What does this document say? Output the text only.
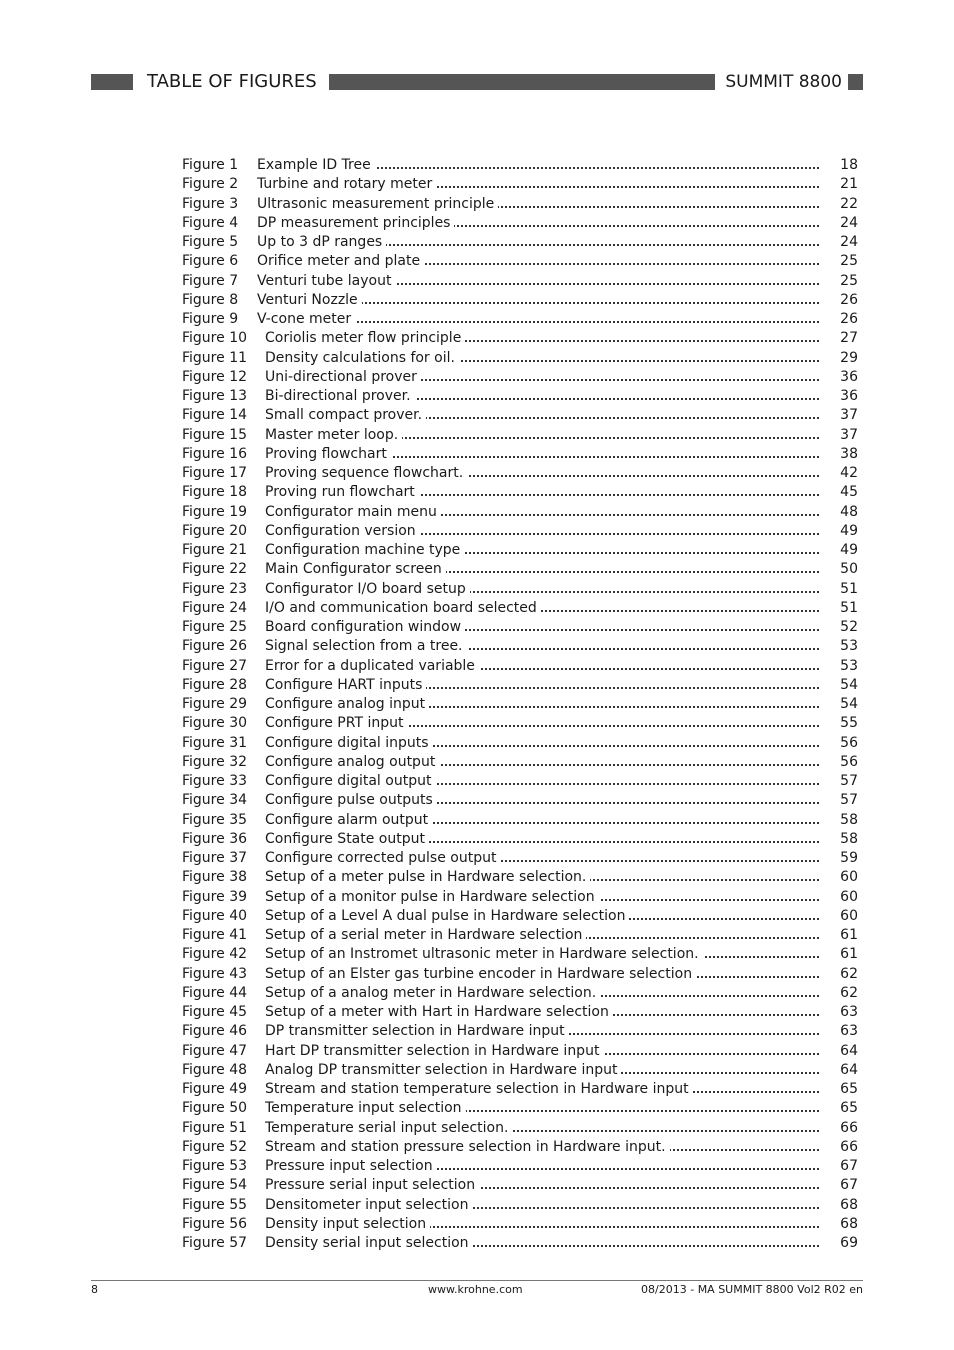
TABLE OF FIGURES	SUMMIT 8800
Figure 1 Example ID Tree	18
Figure 2 Turbine and rotary meter	21
Figure 3 Ultrasonic measurement principle	22
Figure 4 DP measurement principles	24
Figure 5 Up to 3 dP ranges	24
Figure 6 Orifice meter and plate	25
Figure 7 Venturi tube layout	25
Figure 8 Venturi Nozzle	26
Figure 9 V-cone meter	26
Figure 10 Coriolis meter flow principle	27
Figure 11 Density calculations for oil.	29
Figure 12 Uni-directional prover	36
Figure 13 Bi-directional prover.	36
Figure 14 Small compact prover.	37
Figure 15 Master meter loop.	37
Figure 16 Proving flowchart	38
Figure 17 Proving sequence flowchart.	42
Figure 18 Proving run flowchart	45
Figure 19 Configurator main menu	48
Figure 20 Configuration version	49
Figure 21 Configuration machine type	49
Figure 22 Main Configurator screen	50
Figure 23 Configurator I/O board setup	51
Figure 24 I/O and communication board selected	51
Figure 25 Board configuration window	52
Figure 26 Signal selection from a tree.	53
Figure 27 Error for a duplicated variable	53
Figure 28 Configure HART inputs	54
Figure 29 Configure analog input	54
Figure 30 Configure PRT input	55
Figure 31 Configure digital inputs	56
Figure 32 Configure analog output	56
Figure 33 Configure digital output	57
Figure 34 Configure pulse outputs	57
Figure 35 Configure alarm output	58
Figure 36 Configure State output	58
Figure 37 Configure corrected pulse output	59
Figure 38 Setup of a meter pulse in Hardware selection.	60
Figure 39 Setup of a monitor pulse in Hardware selection	60
Figure 40 Setup of a Level A dual pulse in Hardware selection	60
Figure 41 Setup of a serial meter in Hardware selection	61
Figure 42 Setup of an Instromet ultrasonic meter in Hardware selection.	61
Figure 43 Setup of an Elster gas turbine encoder in Hardware selection	62
Figure 44 Setup of a analog meter in Hardware selection.	62
Figure 45 Setup of a meter with Hart in Hardware selection	63
Figure 46 DP transmitter selection in Hardware input	63
Figure 47 Hart DP transmitter selection in Hardware input	64
Figure 48 Analog DP transmitter selection in Hardware input	64
Figure 49 Stream and station temperature selection in Hardware input	65
Figure 50 Temperature input selection	65
Figure 51 Temperature serial input selection.	66
Figure 52 Stream and station pressure selection in Hardware input.	66
Figure 53 Pressure input selection	67
Figure 54 Pressure serial input selection	67
Figure 55 Densitometer input selection	68
Figure 56 Density input selection	68
Figure 57 Density serial input selection	69
8	www.krohne.com	08/2013 - MA SUMMIT 8800 Vol2 R02 en
